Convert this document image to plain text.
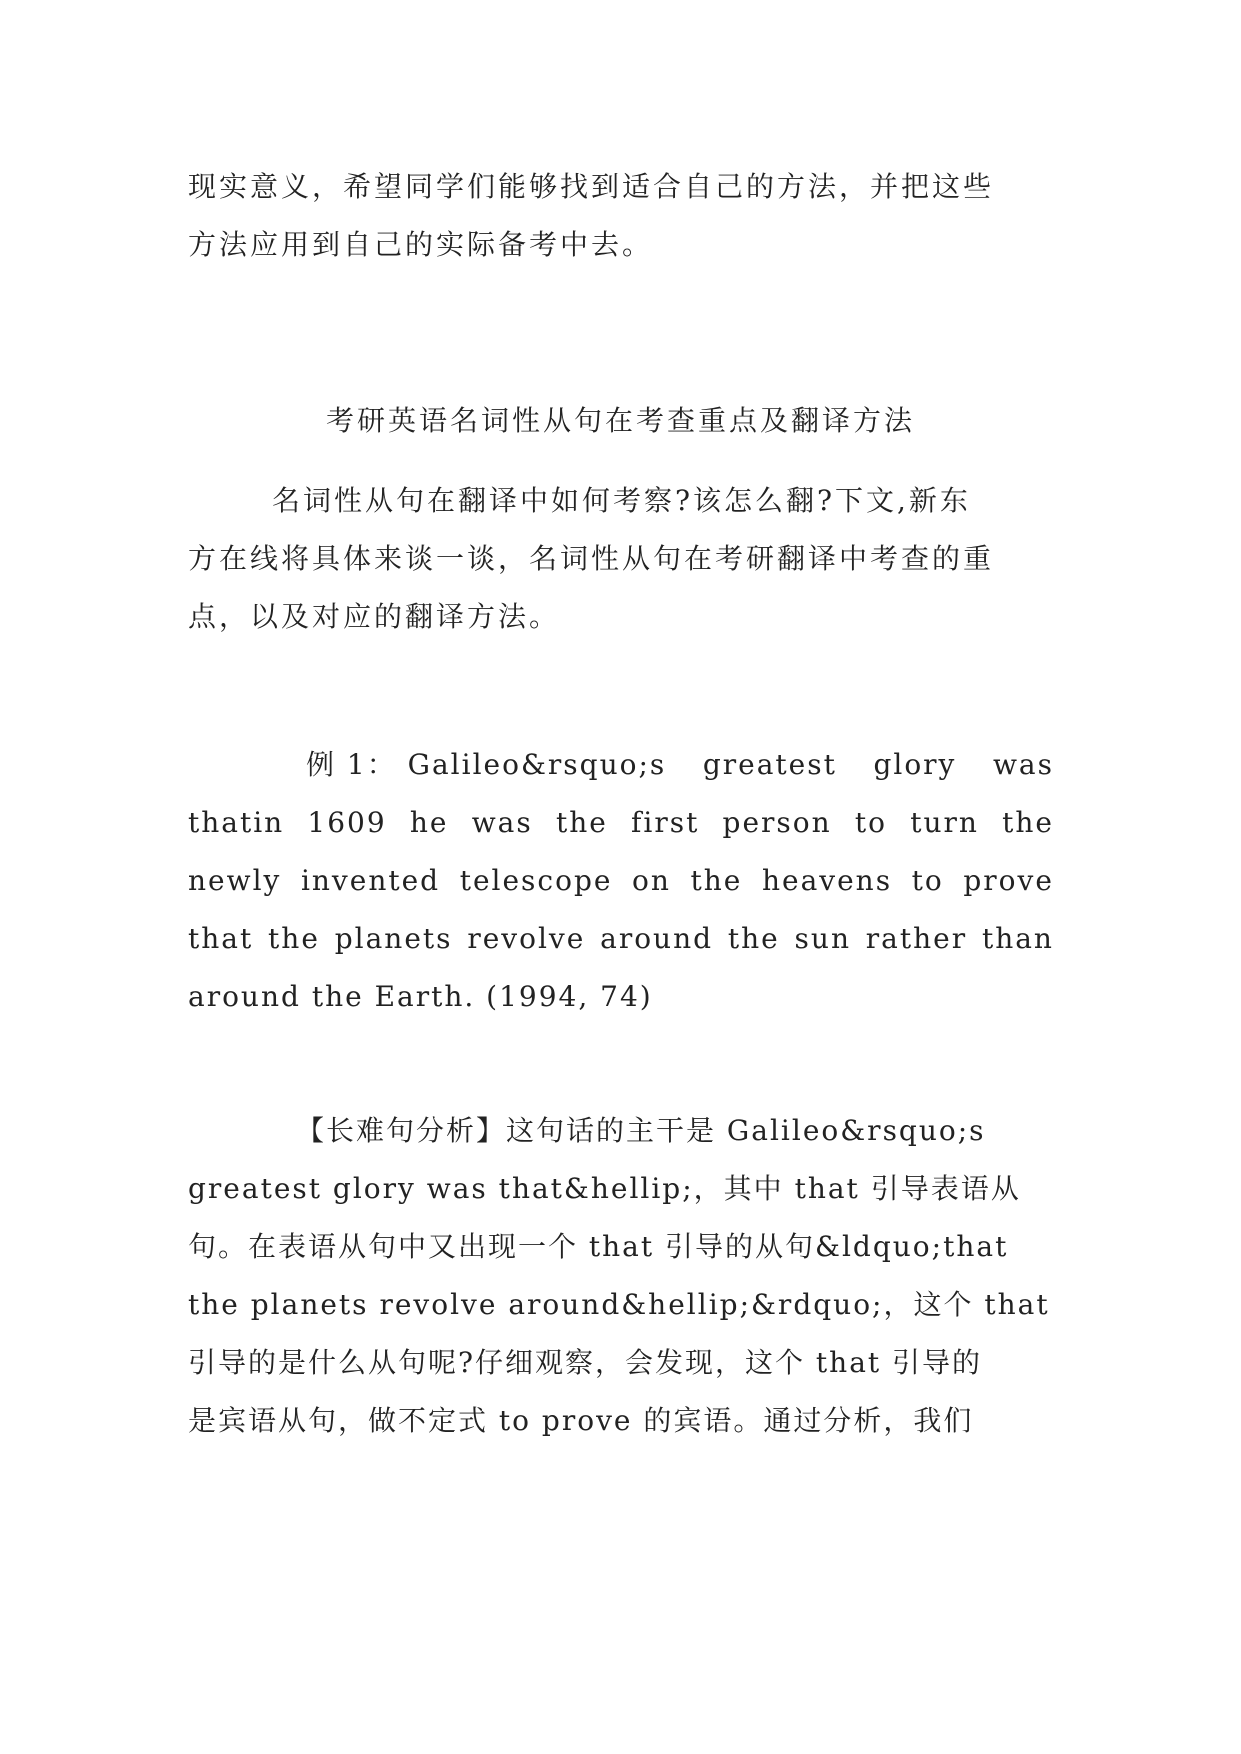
现实意义，希望同学们能够找到适合自己的方法，并把这些
方法应用到自己的实际备考中去。
考研英语名词性从句在考查重点及翻译方法
名词性从句在翻译中如何考察?该怎么翻?下文,新东
方在线将具体来谈一谈，名词性从句在考研翻译中考查的重
点，以及对应的翻译方法。
例 1： Galileo&rsquo;s greatest glory was
thatin 1609 he was the first person to turn the
newly invented telescope on the heavens to prove
that the planets revolve around the sun rather than
around the Earth. (1994, 74)
【长难句分析】这句话的主干是 Galileo&rsquo;s
greatest glory was that&hellip;，其中 that 引导表语从
句。在表语从句中又出现一个 that 引导的从句&ldquo;that
the planets revolve around&hellip;&rdquo;，这个 that
引导的是什么从句呢?仔细观察，会发现，这个 that 引导的
是宾语从句，做不定式 to prove 的宾语。通过分析，我们
